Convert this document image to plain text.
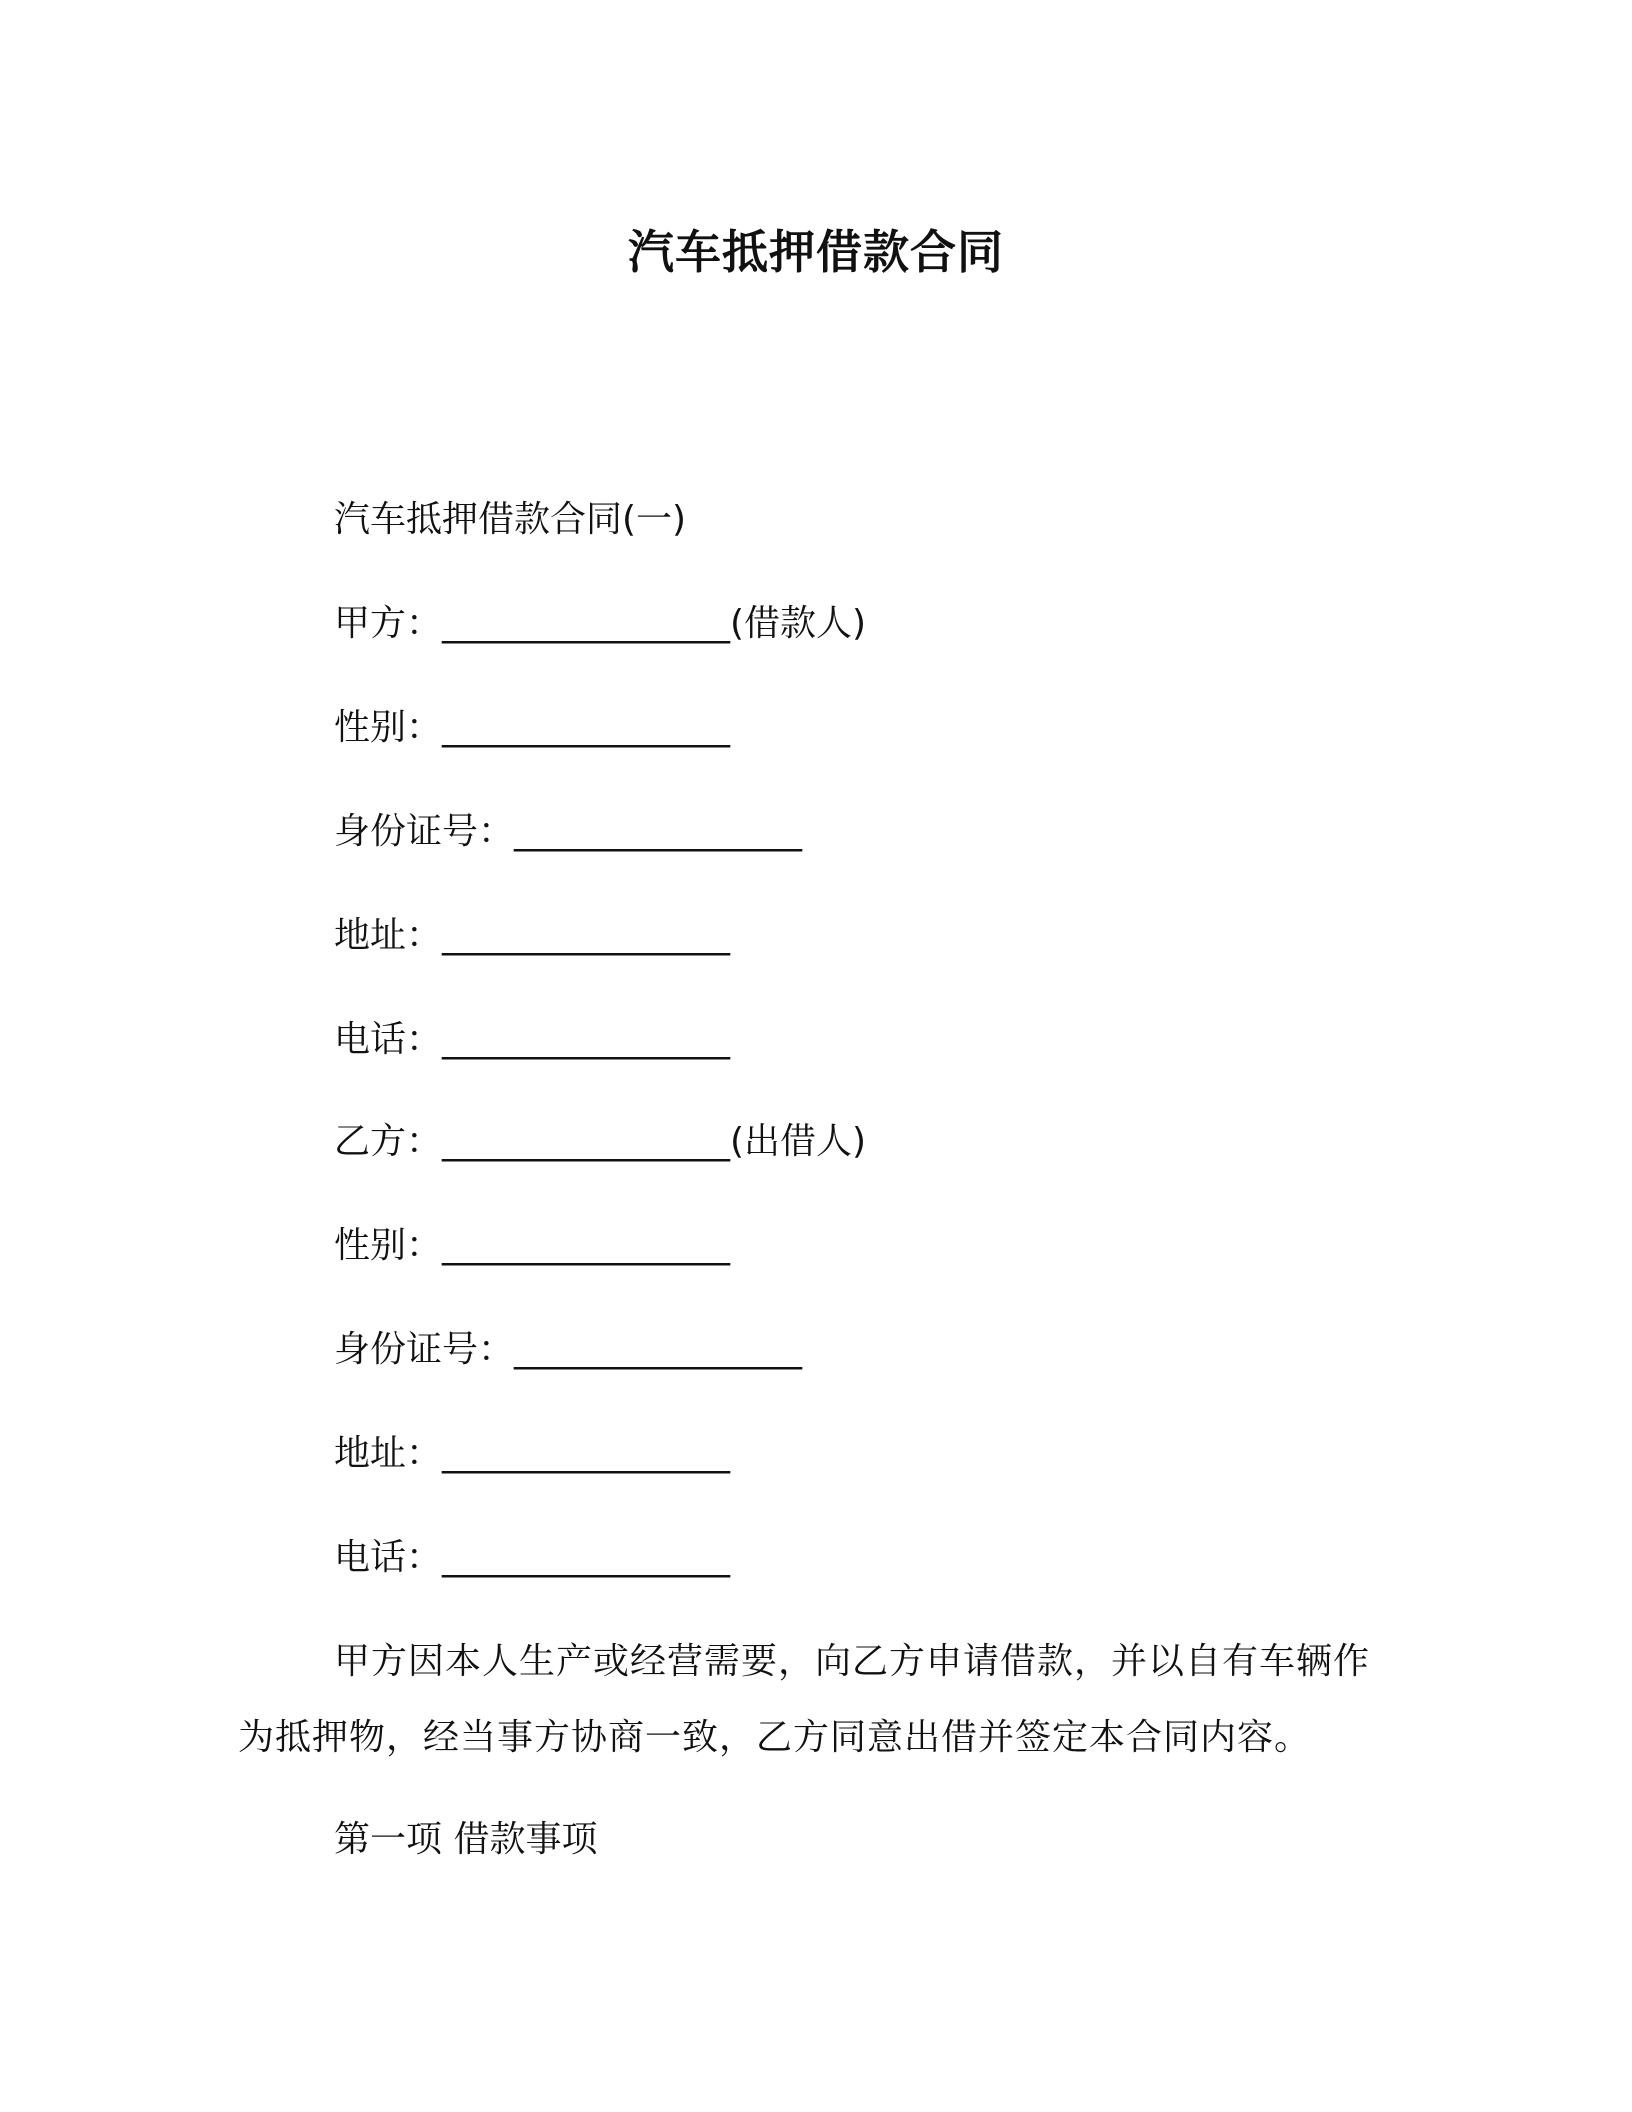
汽车抵押借款合同
汽车抵押借款合同(一)
甲方：________________(借款人)
性别：________________
身份证号：________________
地址：________________
电话：________________
乙方：________________(出借人)
性别：________________
身份证号：________________
地址：________________
电话：________________
甲方因本人生产或经营需要，向乙方申请借款，并以自有车辆作为抵押物，经当事方协商一致，乙方同意出借并签定本合同内容。
第一项 借款事项
